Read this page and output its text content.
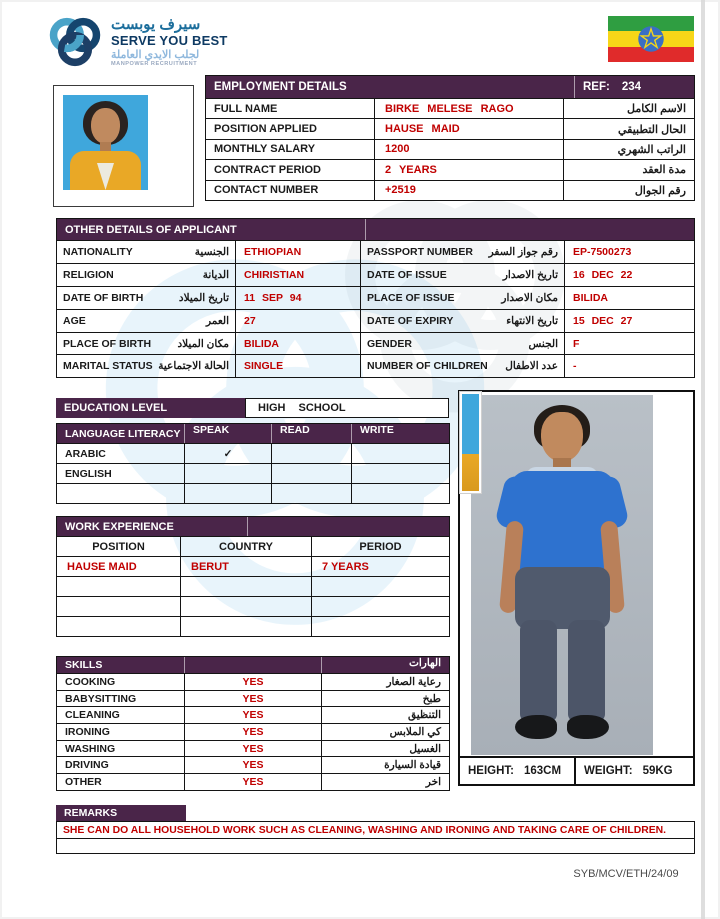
سيرف يوبست
SERVE YOU BEST
لجلب الايدي العاملة
MANPOWER RECRUITMENT
EMPLOYMENT DETAILS	REF: 234
FULL NAME	BIRKE MELESE RAGO	الاسم الكامل
POSITION APPLIED	HAUSE MAID	الحال التطبيقي
MONTHLY SALARY	1200	الراتب الشهري
CONTRACT PERIOD	2 YEARS	مدة العقد
CONTACT NUMBER	+2519	رقم الجوال
OTHER DETAILS OF APPLICANT
NATIONALITY	الجنسية	ETHIOPIAN	PASSPORT NUMBER رقم جواز السفر	EP-7500273
RELIGION	الديانة	CHIRISTIAN	DATE OF ISSUE	تاريخ الاصدار	16 DEC 22
DATE OF BIRTH	تاريخ الميلاد	11 SEP 94	PLACE OF ISSUE	مكان الاصدار	BILIDA
AGE	العمر	27	DATE OF EXPIRY	تاريخ الانتهاء	15 DEC 27
PLACE OF BIRTH	مكان الميلاد	BILIDA	GENDER	الجنس	F
MARITAL STATUS الحالة الاجتماعية	SINGLE	NUMBER OF CHILDREN عدد الاطفال	-
EDUCATION LEVEL	HIGH SCHOOL
LANGUAGE LITERACY	SPEAK	READ	WRITE
ARABIC	✓
ENGLISH
WORK EXPERIENCE
POSITION	COUNTRY	PERIOD
HAUSE MAID	BERUT	7 YEARS
SKILLS	الهارات
COOKING	YES	رعاية الصغار
BABYSITTING	YES	طبخ
CLEANING	YES	التنظيق
IRONING	YES	كي الملابس
WASHING	YES	الغسيل
DRIVING	YES	قيادة السيارة
OTHER	YES	اخر
HEIGHT: 163CM WEIGHT: 59KG
REMARKS
SHE CAN DO ALL HOUSEHOLD WORK SUCH AS CLEANING, WASHING AND IRONING AND TAKING CARE OF CHILDREN.
SYB/MCV/ETH/24/09
